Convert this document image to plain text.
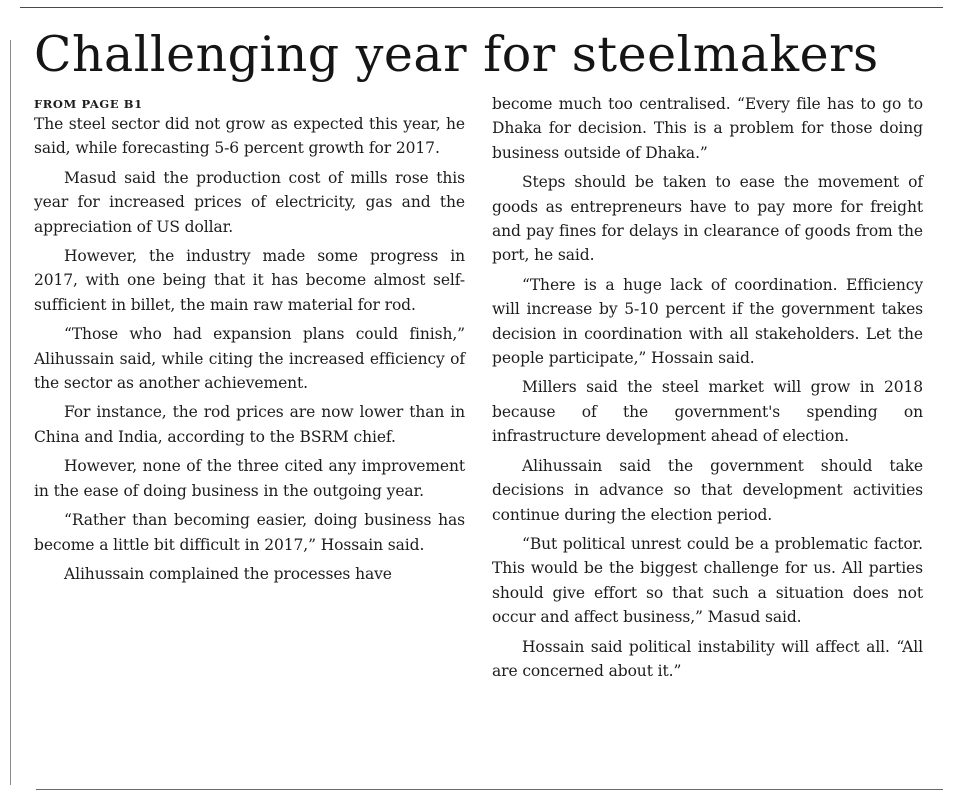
Challenging year for steelmakers
FROM PAGE B1

The steel sector did not grow as expected this year, he said, while forecasting 5-6 percent growth for 2017.

Masud said the production cost of mills rose this year for increased prices of electricity, gas and the appreciation of US dollar.

However, the industry made some progress in 2017, with one being that it has become almost self-sufficient in billet, the main raw material for rod.

“Those who had expansion plans could finish,” Alihussain said, while citing the increased efficiency of the sector as another achievement.

For instance, the rod prices are now lower than in China and India, according to the BSRM chief.

However, none of the three cited any improvement in the ease of doing business in the outgoing year.

“Rather than becoming easier, doing business has become a little bit difficult in 2017,” Hossain said.

Alihussain complained the processes have

become much too centralised. “Every file has to go to Dhaka for decision. This is a problem for those doing business outside of Dhaka.”

Steps should be taken to ease the movement of goods as entrepreneurs have to pay more for freight and pay fines for delays in clearance of goods from the port, he said.

“There is a huge lack of coordination. Efficiency will increase by 5-10 percent if the government takes decision in coordination with all stakeholders. Let the people participate,” Hossain said.

Millers said the steel market will grow in 2018 because of the government's spending on infrastructure development ahead of election.

Alihussain said the government should take decisions in advance so that development activities continue during the election period.

“But political unrest could be a problematic factor. This would be the biggest challenge for us. All parties should give effort so that such a situation does not occur and affect business,” Masud said.

Hossain said political instability will affect all. “All are concerned about it.”
